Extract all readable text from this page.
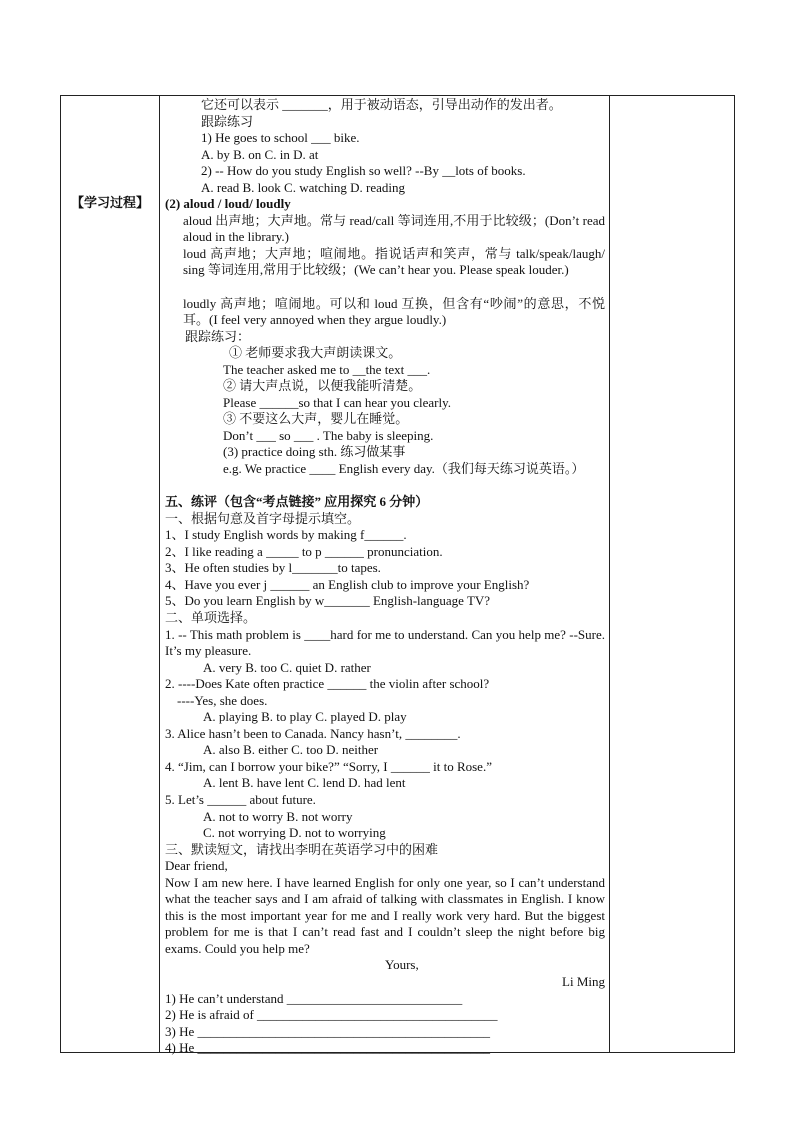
【学习过程】
它还可以表示 _______，用于被动语态，引导出动作的发出者。
跟踪练习
1) He goes to school ___ bike.
A. by B. on C. in D. at
2) -- How do you study English so well? --By __lots of books.
A. read B. look C. watching D. reading
(2) aloud / loud/ loudly
aloud 出声地；大声地。常与 read/call 等词连用,不用于比较级；(Don’t read aloud in the library.)
loud 高声地；大声地；喧闹地。指说话声和笑声，常与 talk/speak/laugh/ sing 等词连用,常用于比较级；(We can’t hear you. Please speak louder.)
loudly 高声地；喧闹地。可以和 loud 互换，但含有“吵闹”的意思，不悦耳。(I feel very annoyed when they argue loudly.)
跟踪练习：
① 老师要求我大声朗读课文。
The teacher asked me to __the text ___.
② 请大声点说，以便我能听清楚。
Please ______so that I can hear you clearly.
③ 不要这么大声，婴儿在睡觉。
Don’t ___ so ___ . The baby is sleeping.
(3) practice doing sth. 练习做某事
e.g. We practice ____ English every day.（我们每天练习说英语。）
五、练评（包含“考点链接” 应用探究 6 分钟）
一、根据句意及首字母提示填空。
1、I study English words by making f______.
2、I like reading a _____ to p ______ pronunciation.
3、He often studies by l_______to tapes.
4、Have you ever j ______ an English club to improve your English?
5、Do you learn English by w_______ English-language TV?
二、单项选择。
1. -- This math problem is ____hard for me to understand. Can you help me? --Sure. It’s my pleasure.
A. very B. too C. quiet D. rather
2. ----Does Kate often practice ______ the violin after school?
----Yes, she does.
A. playing B. to play C. played D. play
3. Alice hasn’t been to Canada. Nancy hasn’t, ________.
A. also B. either C. too D. neither
4. “Jim, can I borrow your bike?” “Sorry, I ______ it to Rose.”
A. lent B. have lent C. lend D. had lent
5. Let’s ______ about future.
A. not to worry B. not worry
C. not worrying D. not to worrying
三、默读短文，请找出李明在英语学习中的困难
Dear friend,
Now I am new here. I have learned English for only one year, so I can’t understand what the teacher says and I am afraid of talking with classmates in English. I know this is the most important year for me and I really work very hard. But the biggest problem for me is that I can’t read fast and I couldn’t sleep the night before big exams. Could you help me?
Yours,
Li Ming
1) He can’t understand ___________________________
2) He is afraid of _____________________________________
3) He _____________________________________________
4) He _____________________________________________
